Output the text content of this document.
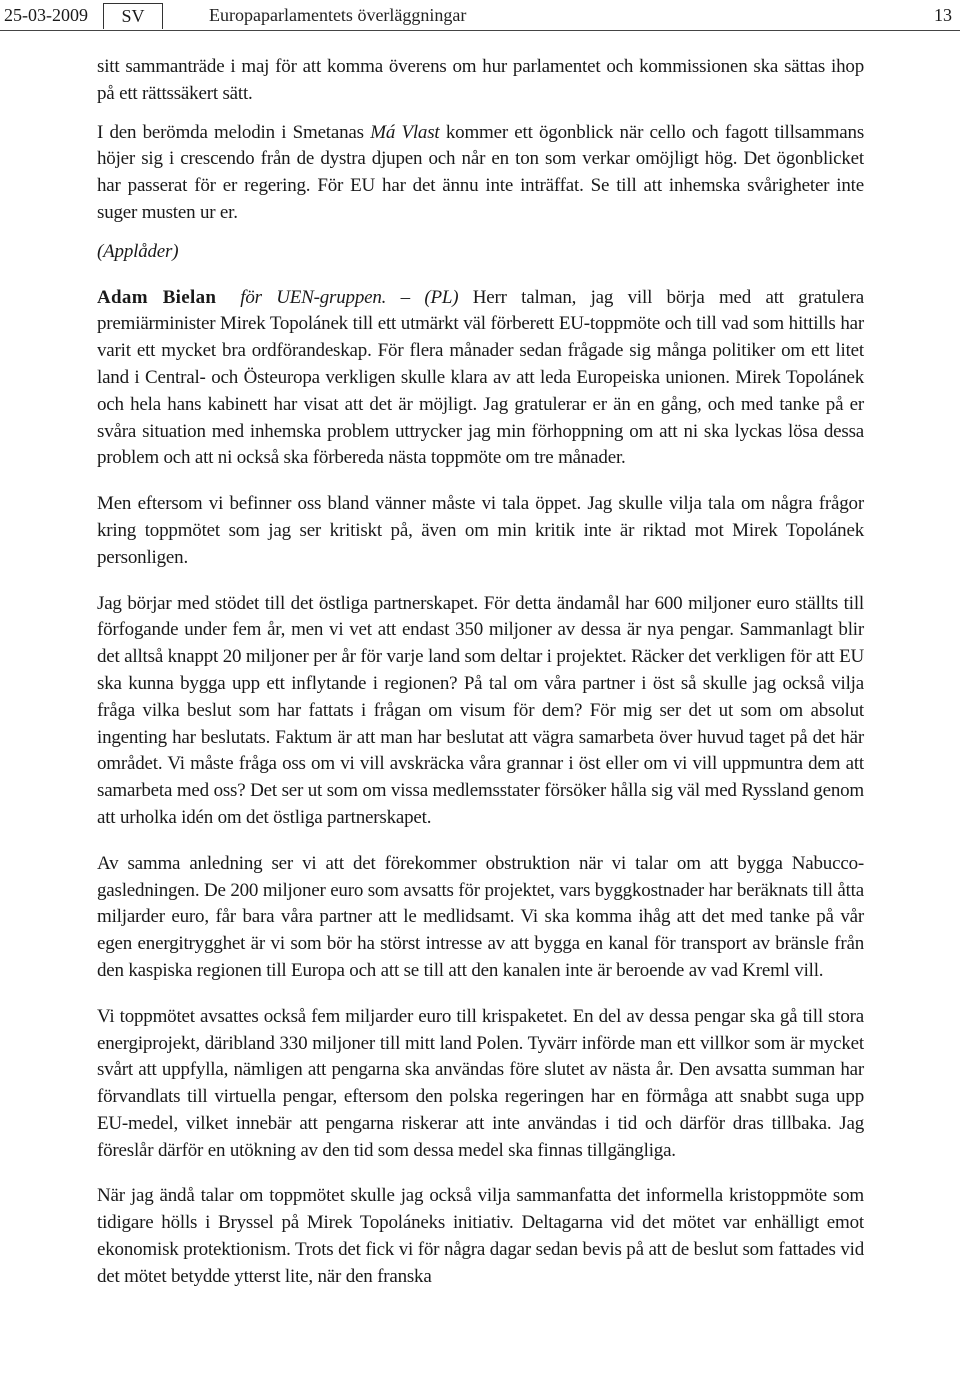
25-03-2009	SV	Europaparlamentets överläggningar	13

sitt sammanträde i maj för att komma överens om hur parlamentet och kommissionen ska sättas ihop på ett rättssäkert sätt.

I den berömda melodin i Smetanas Má Vlast kommer ett ögonblick när cello och fagott tillsammans höjer sig i crescendo från de dystra djupen och når en ton som verkar omöjligt hög. Det ögonblicket har passerat för er regering. För EU har det ännu inte inträffat. Se till att inhemska svårigheter inte suger musten ur er.

(Applåder)

Adam Bielan för UEN-gruppen. – (PL) Herr talman, jag vill börja med att gratulera premiärminister Mirek Topolánek till ett utmärkt väl förberett EU-toppmöte och till vad som hittills har varit ett mycket bra ordförandeskap. För flera månader sedan frågade sig många politiker om ett litet land i Central- och Östeuropa verkligen skulle klara av att leda Europeiska unionen. Mirek Topolánek och hela hans kabinett har visat att det är möjligt. Jag gratulerar er än en gång, och med tanke på er svåra situation med inhemska problem uttrycker jag min förhoppning om att ni ska lyckas lösa dessa problem och att ni också ska förbereda nästa toppmöte om tre månader.

Men eftersom vi befinner oss bland vänner måste vi tala öppet. Jag skulle vilja tala om några frågor kring toppmötet som jag ser kritiskt på, även om min kritik inte är riktad mot Mirek Topolánek personligen.

Jag börjar med stödet till det östliga partnerskapet. För detta ändamål har 600 miljoner euro ställts till förfogande under fem år, men vi vet att endast 350 miljoner av dessa är nya pengar. Sammanlagt blir det alltså knappt 20 miljoner per år för varje land som deltar i projektet. Räcker det verkligen för att EU ska kunna bygga upp ett inflytande i regionen? På tal om våra partner i öst så skulle jag också vilja fråga vilka beslut som har fattats i frågan om visum för dem? För mig ser det ut som om absolut ingenting har beslutats. Faktum är att man har beslutat att vägra samarbeta över huvud taget på det här området. Vi måste fråga oss om vi vill avskräcka våra grannar i öst eller om vi vill uppmuntra dem att samarbeta med oss? Det ser ut som om vissa medlemsstater försöker hålla sig väl med Ryssland genom att urholka idén om det östliga partnerskapet.

Av samma anledning ser vi att det förekommer obstruktion när vi talar om att bygga Nabucco-gasledningen. De 200 miljoner euro som avsatts för projektet, vars byggkostnader har beräknats till åtta miljarder euro, får bara våra partner att le medlidsamt. Vi ska komma ihåg att det med tanke på vår egen energitrygghet är vi som bör ha störst intresse av att bygga en kanal för transport av bränsle från den kaspiska regionen till Europa och att se till att den kanalen inte är beroende av vad Kreml vill.

Vi toppmötet avsattes också fem miljarder euro till krispaketet. En del av dessa pengar ska gå till stora energiprojekt, däribland 330 miljoner till mitt land Polen. Tyvärr införde man ett villkor som är mycket svårt att uppfylla, nämligen att pengarna ska användas före slutet av nästa år. Den avsatta summan har förvandlats till virtuella pengar, eftersom den polska regeringen har en förmåga att snabbt suga upp EU-medel, vilket innebär att pengarna riskerar att inte användas i tid och därför dras tillbaka. Jag föreslår därför en utökning av den tid som dessa medel ska finnas tillgängliga.

När jag ändå talar om toppmötet skulle jag också vilja sammanfatta det informella kristoppmöte som tidigare hölls i Bryssel på Mirek Topoláneks initiativ. Deltagarna vid det mötet var enhälligt emot ekonomisk protektionism. Trots det fick vi för några dagar sedan bevis på att de beslut som fattades vid det mötet betydde ytterst lite, när den franska
